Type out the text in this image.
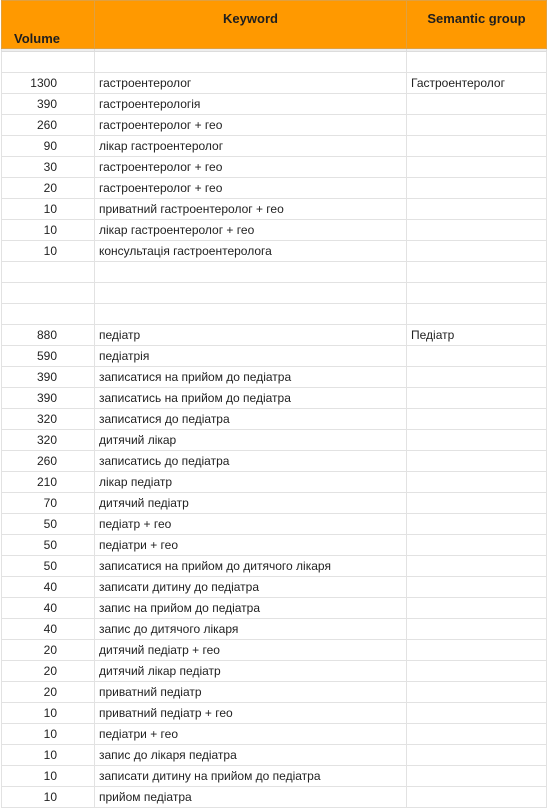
Volume	Keyword	Semantic group

1300	гастроентеролог	Гастроентеролог
390	гастроентерологія	
260	гастроентеролог + гео	
90	лікар гастроентеролог	
30	гастроентеролог + гео	
20	гастроентеролог + гео	
10	приватний гастроентеролог + гео	
10	лікар гастроентеролог + гео	
10	консультація гастроентеролога	

880	педіатр	Педіатр
590	педіатрія	
390	записатися на прийом до педіатра	
390	записатись на прийом до педіатра	
320	записатися до педіатра	
320	дитячий лікар	
260	записатись до педіатра	
210	лікар педіатр	
70	дитячий педіатр	
50	педіатр + гео	
50	педіатри + гео	
50	записатися на прийом до дитячого лікаря	
40	записати дитину до педіатра	
40	запис на прийом до педіатра	
40	запис до дитячого лікаря	
20	дитячий педіатр + гео	
20	дитячий лікар педіатр	
20	приватний педіатр	
10	приватний педіатр + гео	
10	педіатри + гео	
10	запис до лікаря педіатра	
10	записати дитину на прийом до педіатра	
10	прийом педіатра	
